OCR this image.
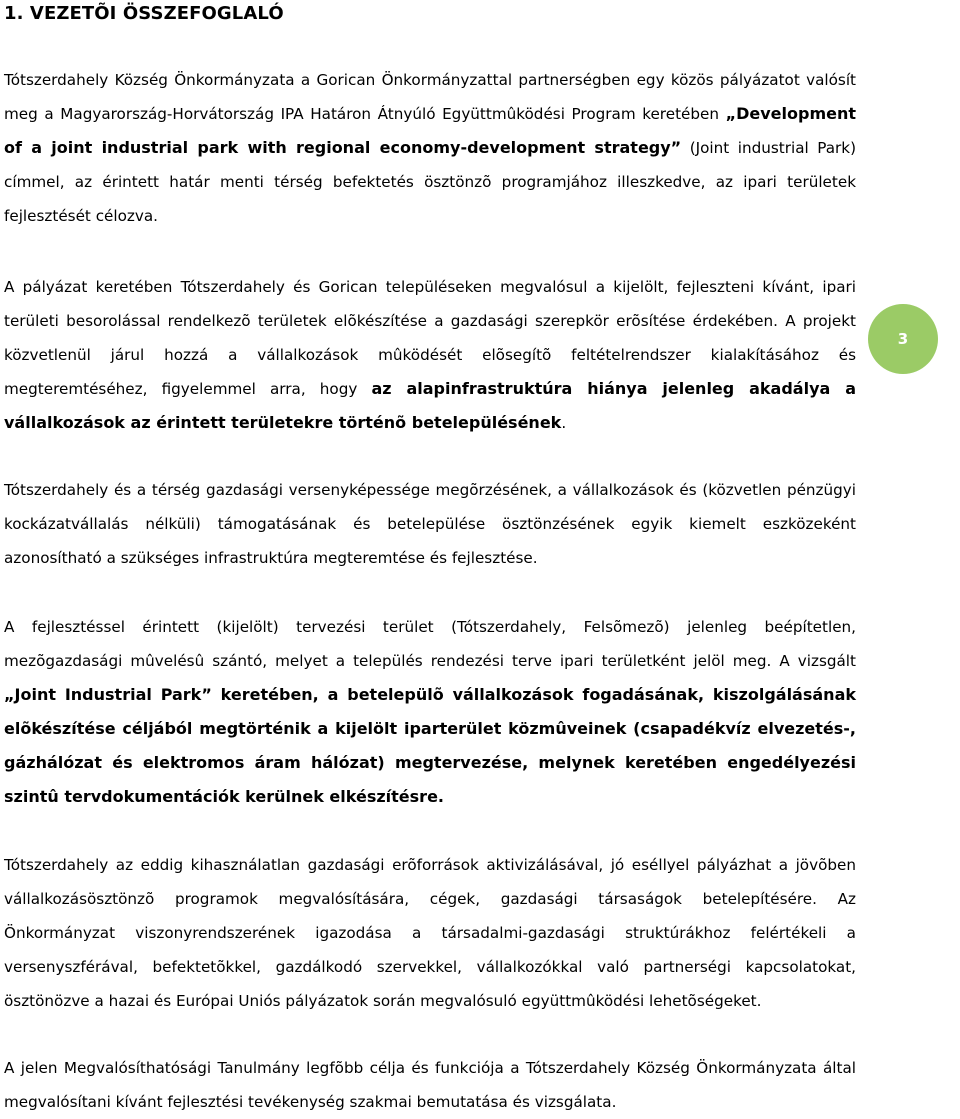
1. VEZETÕI ÖSSZEFOGLALÓ

Tótszerdahely Község Önkormányzata a Gorican Önkormányzattal partnerségben egy közös pályázatot valósít meg a Magyarország-Horvátország IPA Határon Átnyúló Együttmûködési Program keretében „Development of a joint industrial park with regional economy-development strategy” (Joint industrial Park) címmel, az érintett határ menti térség befektetés ösztönzõ programjához illeszkedve, az ipari területek fejlesztését célozva.

A pályázat keretében Tótszerdahely és Gorican településeken megvalósul a kijelölt, fejleszteni kívánt, ipari területi besorolással rendelkezõ területek elõkészítése a gazdasági szerepkör erõsítése érdekében. A projekt közvetlenül járul hozzá a vállalkozások mûködését elõsegítõ feltételrendszer kialakításához és megteremtéséhez, figyelemmel arra, hogy az alapinfrastruktúra hiánya jelenleg akadálya a vállalkozások az érintett területekre történõ betelepülésének.

Tótszerdahely és a térség gazdasági versenyképessége megõrzésének, a vállalkozások és (közvetlen pénzügyi kockázatvállalás nélküli) támogatásának és betelepülése ösztönzésének egyik kiemelt eszközeként azonosítható a szükséges infrastruktúra megteremtése és fejlesztése.

A fejlesztéssel érintett (kijelölt) tervezési terület (Tótszerdahely, Felsõmezõ) jelenleg beépítetlen, mezõgazdasági mûvelésû szántó, melyet a település rendezési terve ipari területként jelöl meg. A vizsgált „Joint Industrial Park” keretében, a betelepülõ vállalkozások fogadásának, kiszolgálásának elõkészítése céljából megtörténik a kijelölt iparterület közmûveinek (csapadékvíz elvezetés-, gázhálózat és elektromos áram hálózat) megtervezése, melynek keretében engedélyezési szintû tervdokumentációk kerülnek elkészítésre.

Tótszerdahely az eddig kihasználatlan gazdasági erõforrások aktivizálásával, jó eséllyel pályázhat a jövõben vállalkozásösztönzõ programok megvalósítására, cégek, gazdasági társaságok betelepítésére. Az Önkormányzat viszonyrendszerének igazodása a társadalmi-gazdasági struktúrákhoz felértékeli a versenyszférával, befektetõkkel, gazdálkodó szervekkel, vállalkozókkal való partnerségi kapcsolatokat, ösztönözve a hazai és Európai Uniós pályázatok során megvalósuló együttmûködési lehetõségeket.

A jelen Megvalósíthatósági Tanulmány legfõbb célja és funkciója a Tótszerdahely Község Önkormányzata által megvalósítani kívánt fejlesztési tevékenység szakmai bemutatása és vizsgálata.

3
